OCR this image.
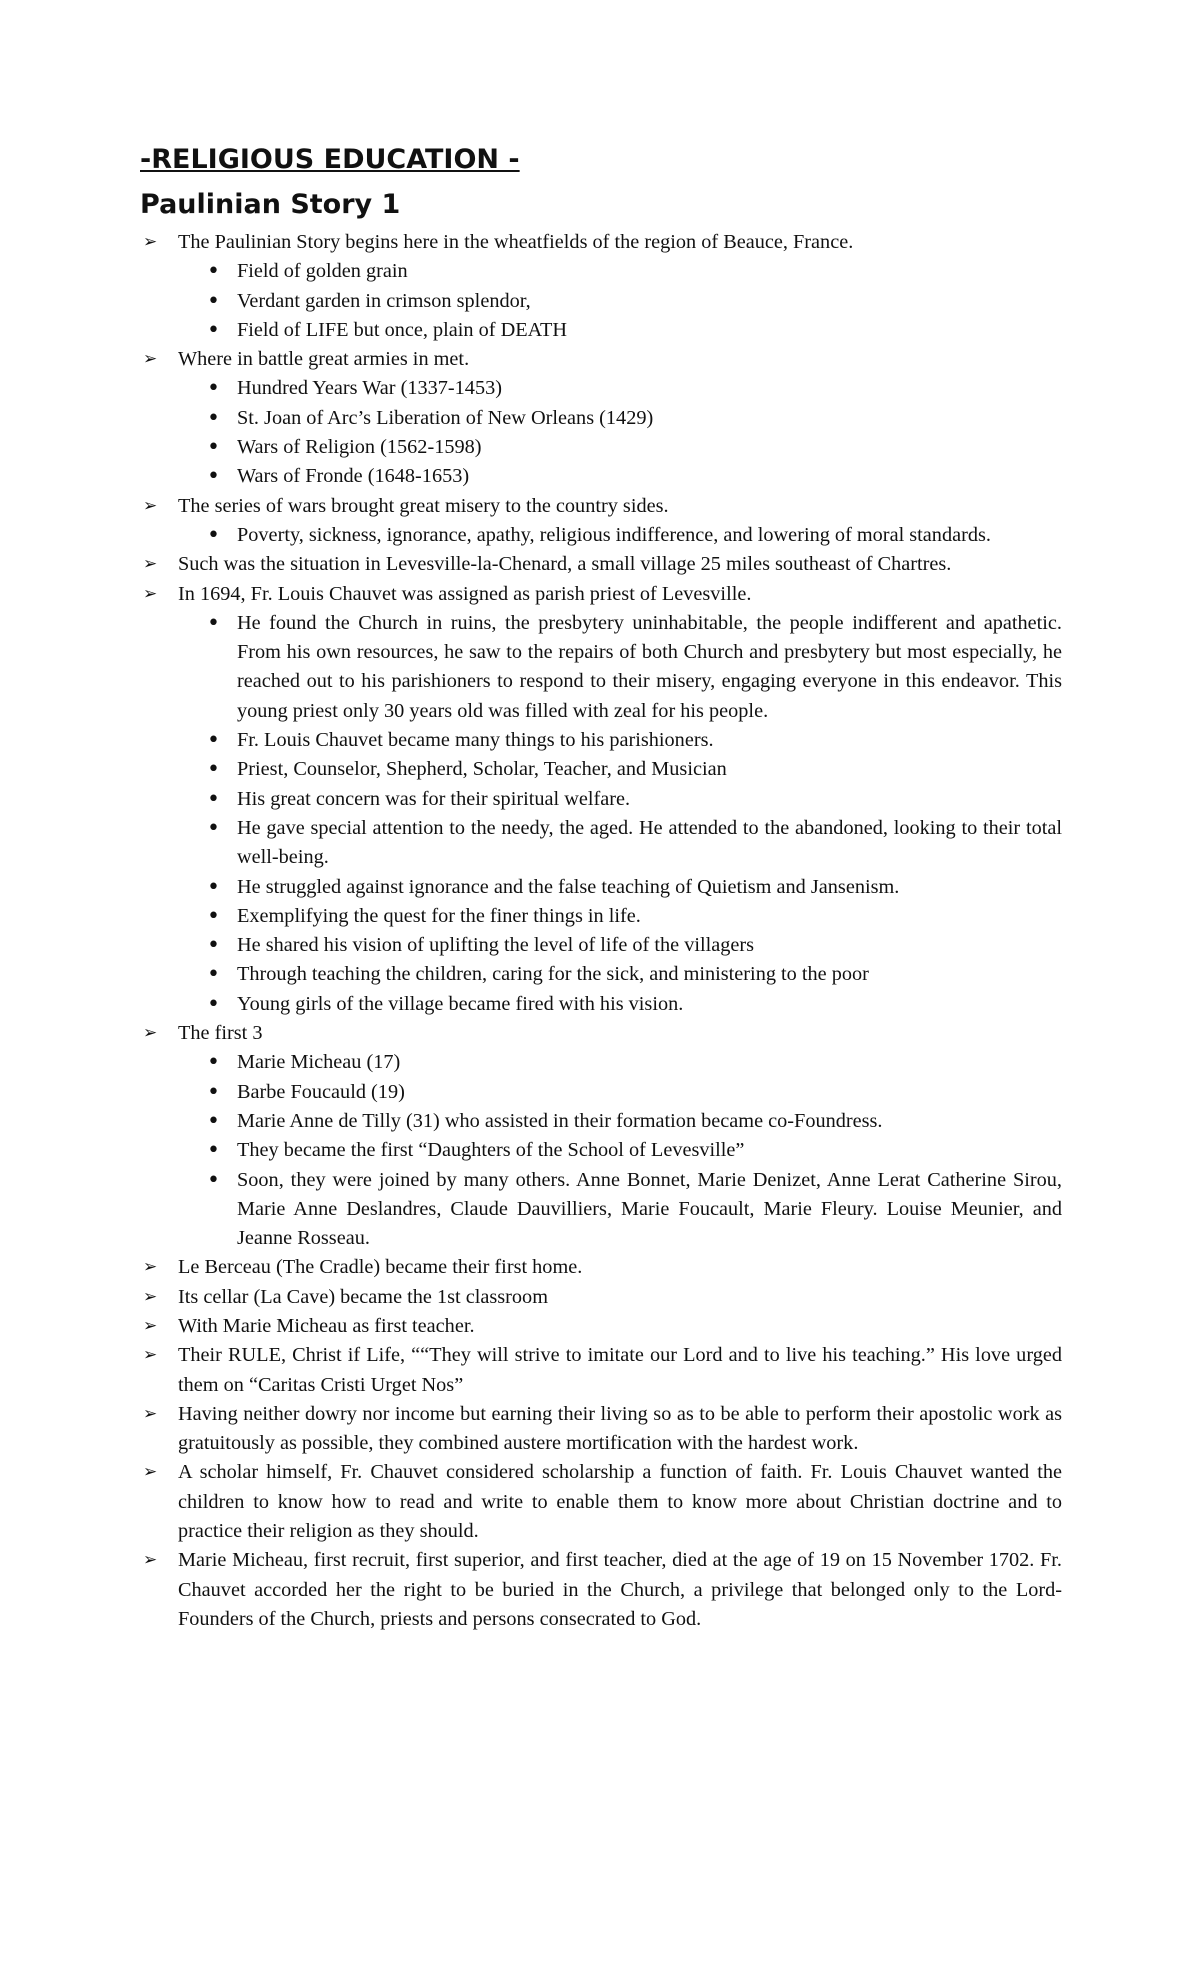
-RELIGIOUS EDUCATION -
Paulinian Story 1
➢ The Paulinian Story begins here in the wheatfields of the region of Beauce, France.
• Field of golden grain
• Verdant garden in crimson splendor,
• Field of LIFE but once, plain of DEATH
➢ Where in battle great armies in met.
• Hundred Years War (1337-1453)
• St. Joan of Arc’s Liberation of New Orleans (1429)
• Wars of Religion (1562-1598)
• Wars of Fronde (1648-1653)
➢ The series of wars brought great misery to the country sides.
• Poverty, sickness, ignorance, apathy, religious indifference, and lowering of moral standards.
➢ Such was the situation in Levesville-la-Chenard, a small village 25 miles southeast of Chartres.
➢ In 1694, Fr. Louis Chauvet was assigned as parish priest of Levesville.
• He found the Church in ruins, the presbytery uninhabitable, the people indifferent and apathetic. From his own resources, he saw to the repairs of both Church and presbytery but most especially, he reached out to his parishioners to respond to their misery, engaging everyone in this endeavor. This young priest only 30 years old was filled with zeal for his people.
• Fr. Louis Chauvet became many things to his parishioners.
• Priest, Counselor, Shepherd, Scholar, Teacher, and Musician
• His great concern was for their spiritual welfare.
• He gave special attention to the needy, the aged. He attended to the abandoned, looking to their total well-being.
• He struggled against ignorance and the false teaching of Quietism and Jansenism.
• Exemplifying the quest for the finer things in life.
• He shared his vision of uplifting the level of life of the villagers
• Through teaching the children, caring for the sick, and ministering to the poor
• Young girls of the village became fired with his vision.
➢ The first 3
• Marie Micheau (17)
• Barbe Foucauld (19)
• Marie Anne de Tilly (31) who assisted in their formation became co-Foundress.
• They became the first “Daughters of the School of Levesville”
• Soon, they were joined by many others. Anne Bonnet, Marie Denizet, Anne Lerat Catherine Sirou, Marie Anne Deslandres, Claude Dauvilliers, Marie Foucault, Marie Fleury. Louise Meunier, and Jeanne Rosseau.
➢ Le Berceau (The Cradle) became their first home.
➢ Its cellar (La Cave) became the 1st classroom
➢ With Marie Micheau as first teacher.
➢ Their RULE, Christ if Life, ““They will strive to imitate our Lord and to live his teaching.” His love urged them on “Caritas Cristi Urget Nos”
➢ Having neither dowry nor income but earning their living so as to be able to perform their apostolic work as gratuitously as possible, they combined austere mortification with the hardest work.
➢ A scholar himself, Fr. Chauvet considered scholarship a function of faith. Fr. Louis Chauvet wanted the children to know how to read and write to enable them to know more about Christian doctrine and to practice their religion as they should.
➢ Marie Micheau, first recruit, first superior, and first teacher, died at the age of 19 on 15 November 1702. Fr. Chauvet accorded her the right to be buried in the Church, a privilege that belonged only to the Lord-Founders of the Church, priests and persons consecrated to God.
